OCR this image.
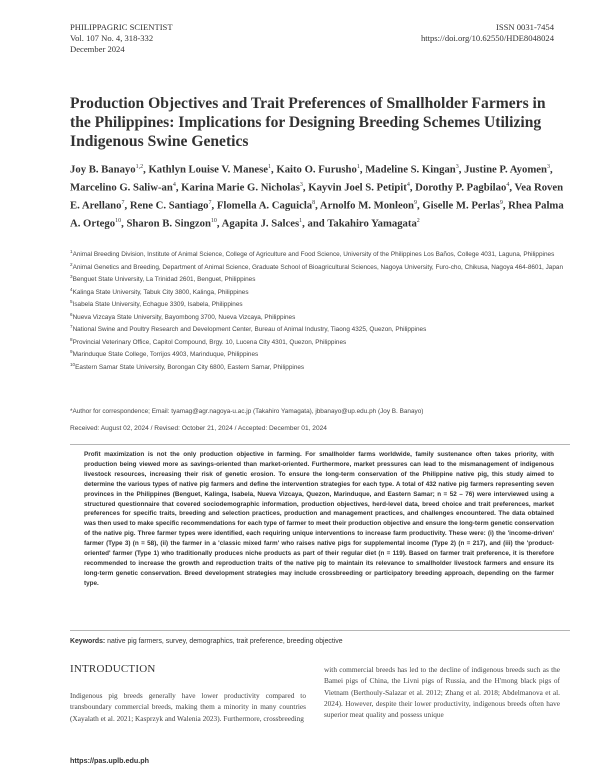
PHILIPPAGRIC SCIENTIST
Vol. 107 No. 4, 318-332
December 2024
ISSN 0031-7454
https://doi.org/10.62550/HDE8048024
Production Objectives and Trait Preferences of Smallholder Farmers in the Philippines: Implications for Designing Breeding Schemes Utilizing Indigenous Swine Genetics
Joy B. Banayo$^{1,2}$, Kathlyn Louise V. Manese$^1$, Kaito O. Furusho$^1$, Madeline S. Kingan$^3$, Justine P. Ayomen$^3$, Marcelino G. Saliw-$an^4$, Karina Marie G. Nicholas$^3$, Kayvin Joel S. Petipit$^4$, Dorothy P. Pagbilao$^4$, Vea Roven E. Arellano$^7$, Rene C. Santiago$^7$, Flomella A. Caguicla$^8$, Arnolfo M. Monleon$^9$, Giselle M. Perlas$^9$, Rhea Palma A. Ortego$^{10}$, Sharon B. Singzon$^{10}$, Agapita J. Salces$^1$, and Takahiro Yamagata$^2$
$^1$Animal Breeding Division, Institute of Animal Science, College of Agriculture and Food Science, University of the Philippines Los Baños, College 4031, Laguna, Philippines
$^2$Animal Genetics and Breeding, Department of Animal Science, Graduate School of Bioagricultural Sciences, Nagoya University, Furo-cho, Chikusa, Nagoya 464-8601, Japan
$^3$Benguet State University, La Trinidad 2601, Benguet, Philippines
$^4$Kalinga State University, Tabuk City 3800, Kalinga, Philippines
$^5$Isabela State University, Echague 3309, Isabela, Philippines
$^6$Nueva Vizcaya State University, Bayombong 3700, Nueva Vizcaya, Philippines
$^7$National Swine and Poultry Research and Development Center, Bureau of Animal Industry, Tiaong 4325, Quezon, Philippines
$^8$Provincial Veterinary Office, Capitol Compound, Brgy. 10, Lucena City 4301, Quezon, Philippines
$^9$Marinduque State College, Torrijos 4903, Marinduque, Philippines
$^{10}$Eastern Samar State University, Borongan City 6800, Eastern Samar, Philippines
*Author for correspondence; Email: tyamag@agr.nagoya-u.ac.jp (Takahiro Yamagata), jbbanayo@up.edu.ph (Joy B. Banayo)
Received: August 02, 2024 / Revised: October 21, 2024 / Accepted: December 01, 2024

Profit maximization is not the only production objective in farming. For smallholder farms worldwide, family sustenance often takes priority, with production being viewed more as savings-oriented than market-oriented. Furthermore, market pressures can lead to the mismanagement of indigenous livestock resources, increasing their risk of genetic erosion. To ensure the long-term conservation of the Philippine native pig, this study aimed to determine the various types of native pig farmers and define the intervention strategies for each type. A total of 432 native pig farmers representing seven provinces in the Philippines (Benguet, Kalinga, Isabela, Nueva Vizcaya, Quezon, Marinduque, and Eastern Samar; n = 52 – 76) were interviewed using a structured questionnaire that covered sociodemographic information, production objectives, herd-level data, breed choice and trait preferences, market preferences for specific traits, breeding and selection practices, production and management practices, and challenges encountered. The data obtained was then used to make specific recommendations for each type of farmer to meet their production objective and ensure the long-term genetic conservation of the native pig. Three farmer types were identified, each requiring unique interventions to increase farm productivity. These were: (i) the 'income-driven' farmer (Type 3) (n = 58), (ii) the farmer in a 'classic mixed farm' who raises native pigs for supplemental income (Type 2) (n = 217), and (iii) the 'product-oriented' farmer (Type 1) who traditionally produces niche products as part of their regular diet (n = 119). Based on farmer trait preference, it is therefore recommended to increase the growth and reproduction traits of the native pig to maintain its relevance to smallholder livestock farmers and ensure its long-term genetic conservation. Breed development strategies may include crossbreeding or participatory breeding approach, depending on the farmer type.

Keywords: native pig farmers, survey, demographics, trait preference, breeding objective
INTRODUCTION

Indigenous pig breeds generally have lower productivity compared to transboundary commercial breeds, making them a minority in many countries (Xayalath et al. 2021; Kasprzyk and Walenia 2023). Furthermore, crossbreeding

with commercial breeds has led to the decline of indigenous breeds such as the Bamei pigs of China, the Livni pigs of Russia, and the H'mong black pigs of Vietnam (Berthouly-Salazar et al. 2012; Zhang et al. 2018; Abdelmanova et al. 2024). However, despite their lower productivity, indigenous breeds often have superior meat quality and possess unique

https://pas.uplb.edu.ph
